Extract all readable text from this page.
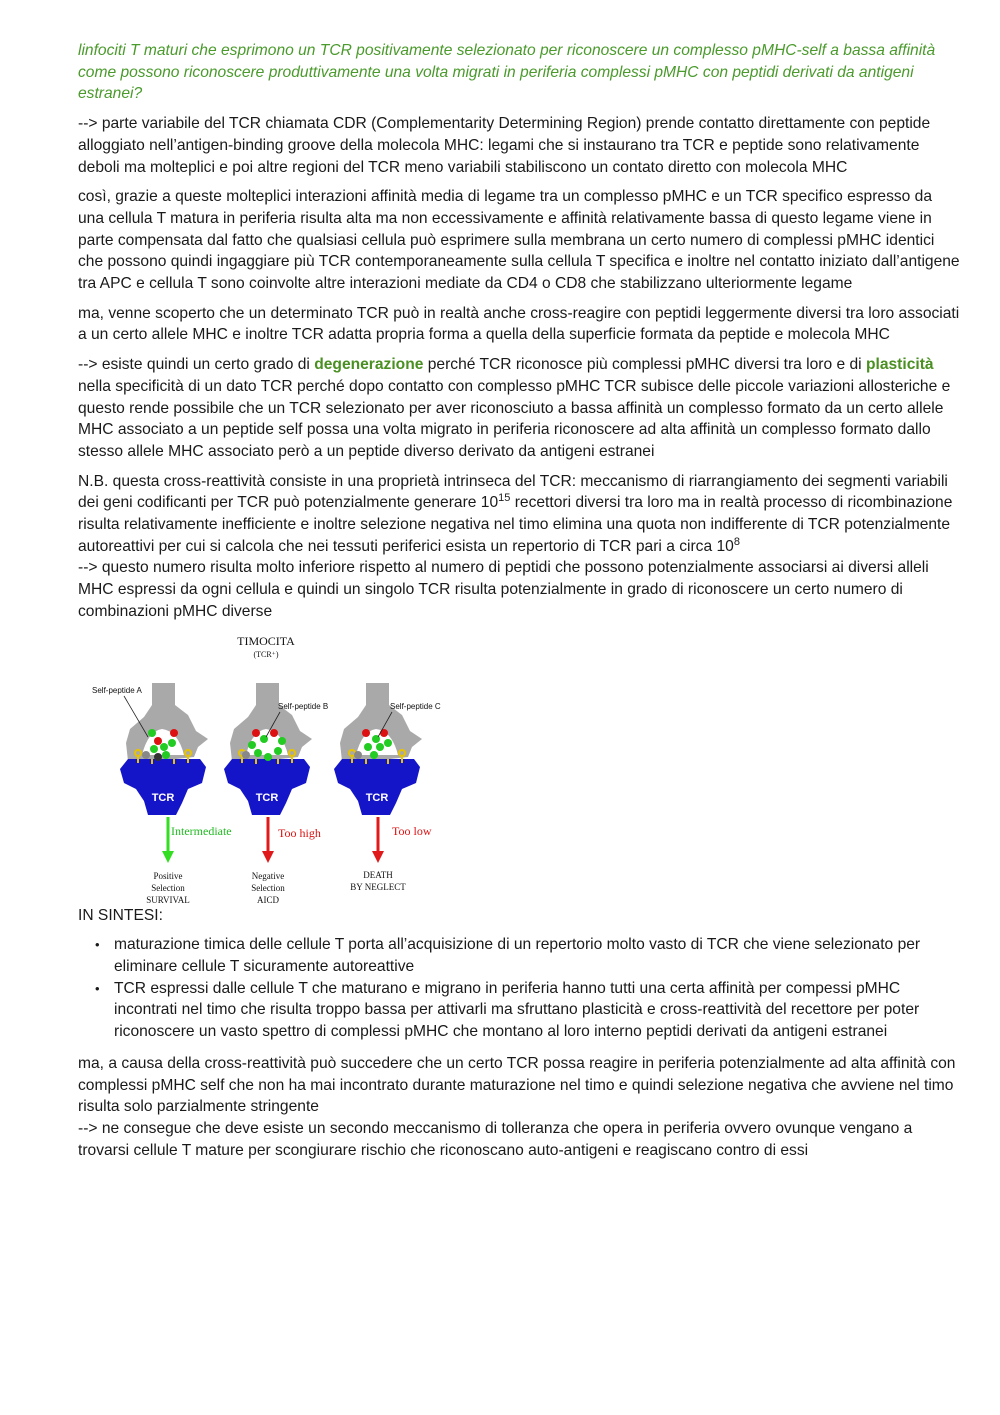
linfociti T maturi che esprimono un TCR positivamente selezionato per riconoscere un complesso pMHC-self a bassa affinità come possono riconoscere produttivamente una volta migrati in periferia complessi pMHC con peptidi derivati da antigeni estranei?

--> parte variabile del TCR chiamata CDR (Complementarity Determining Region) prende contatto direttamente con peptide alloggiato nell’antigen-binding groove della molecola MHC: legami che si instaurano tra TCR e peptide sono relativamente deboli ma molteplici e poi altre regioni del TCR meno variabili stabiliscono un contato diretto con molecola MHC

così, grazie a queste molteplici interazioni affinità media di legame tra un complesso pMHC e un TCR specifico espresso da una cellula T matura in periferia risulta alta ma non eccessivamente e affinità relativamente bassa di questo legame viene in parte compensata dal fatto che qualsiasi cellula può esprimere sulla membrana un certo numero di complessi pMHC identici che possono quindi ingaggiare più TCR contemporaneamente sulla cellula T specifica e inoltre nel contatto iniziato dall’antigene tra APC e cellula T sono coinvolte altre interazioni mediate da CD4 o CD8 che stabilizzano ulteriormente legame

ma, venne scoperto che un determinato TCR può in realtà anche cross-reagire con peptidi leggermente diversi tra loro associati a un certo allele MHC e inoltre TCR adatta propria forma a quella della superficie formata da peptide e molecola MHC

--> esiste quindi un certo grado di degenerazione perché TCR riconosce più complessi pMHC diversi tra loro e di plasticità nella specificità di un dato TCR perché dopo contatto con complesso pMHC TCR subisce delle piccole variazioni allosteriche e questo rende possibile che un TCR selezionato per aver riconosciuto a bassa affinità un complesso formato da un certo allele MHC associato a un peptide self possa una volta migrato in periferia riconoscere ad alta affinità un complesso formato dallo stesso allele MHC associato però a un peptide diverso derivato da antigeni estranei

N.B. questa cross-reattività consiste in una proprietà intrinseca del TCR: meccanismo di riarrangiamento dei segmenti variabili dei geni codificanti per TCR può potenzialmente generare $10^{15}$ recettori diversi tra loro ma in realtà processo di ricombinazione risulta relativamente inefficiente e inoltre selezione negativa nel timo elimina una quota non indifferente di TCR potenzialmente autoreattivi per cui si calcola che nei tessuti periferici esista un repertorio di TCR pari a circa $10^8$
--> questo numero risulta molto inferiore rispetto al numero di peptidi che possono potenzialmente associarsi ai diversi alleli MHC espressi da ogni cellula e quindi un singolo TCR risulta potenzialmente in grado di riconoscere un certo numero di combinazioni pMHC diverse

TIMOCITA
(TCR⁺)
TCR	TCR	TCR
Self-peptide A
Self-peptide B	Self-peptide C
Intermediate	Too high	Too low
Positive
Selection
SURVIVAL
Negative
Selection
AICD
DEATH
BY NEGLECT

IN SINTESI:

• maturazione timica delle cellule T porta all’acquisizione di un repertorio molto vasto di TCR che viene selezionato per eliminare cellule T sicuramente autoreattive
• TCR espressi dalle cellule T che maturano e migrano in periferia hanno tutti una certa affinità per compessi pMHC incontrati nel timo che risulta troppo bassa per attivarli ma sfruttano plasticità e cross-reattività del recettore per poter riconoscere un vasto spettro di complessi pMHC che montano al loro interno peptidi derivati da antigeni estranei

ma, a causa della cross-reattività può succedere che un certo TCR possa reagire in periferia potenzialmente ad alta affinità con complessi pMHC self che non ha mai incontrato durante maturazione nel timo e quindi selezione negativa che avviene nel timo risulta solo parzialmente stringente

--> ne consegue che deve esiste un secondo meccanismo di tolleranza che opera in periferia ovvero ovunque vengano a trovarsi cellule T mature per scongiurare rischio che riconoscano auto-antigeni e reagiscano contro di essi
